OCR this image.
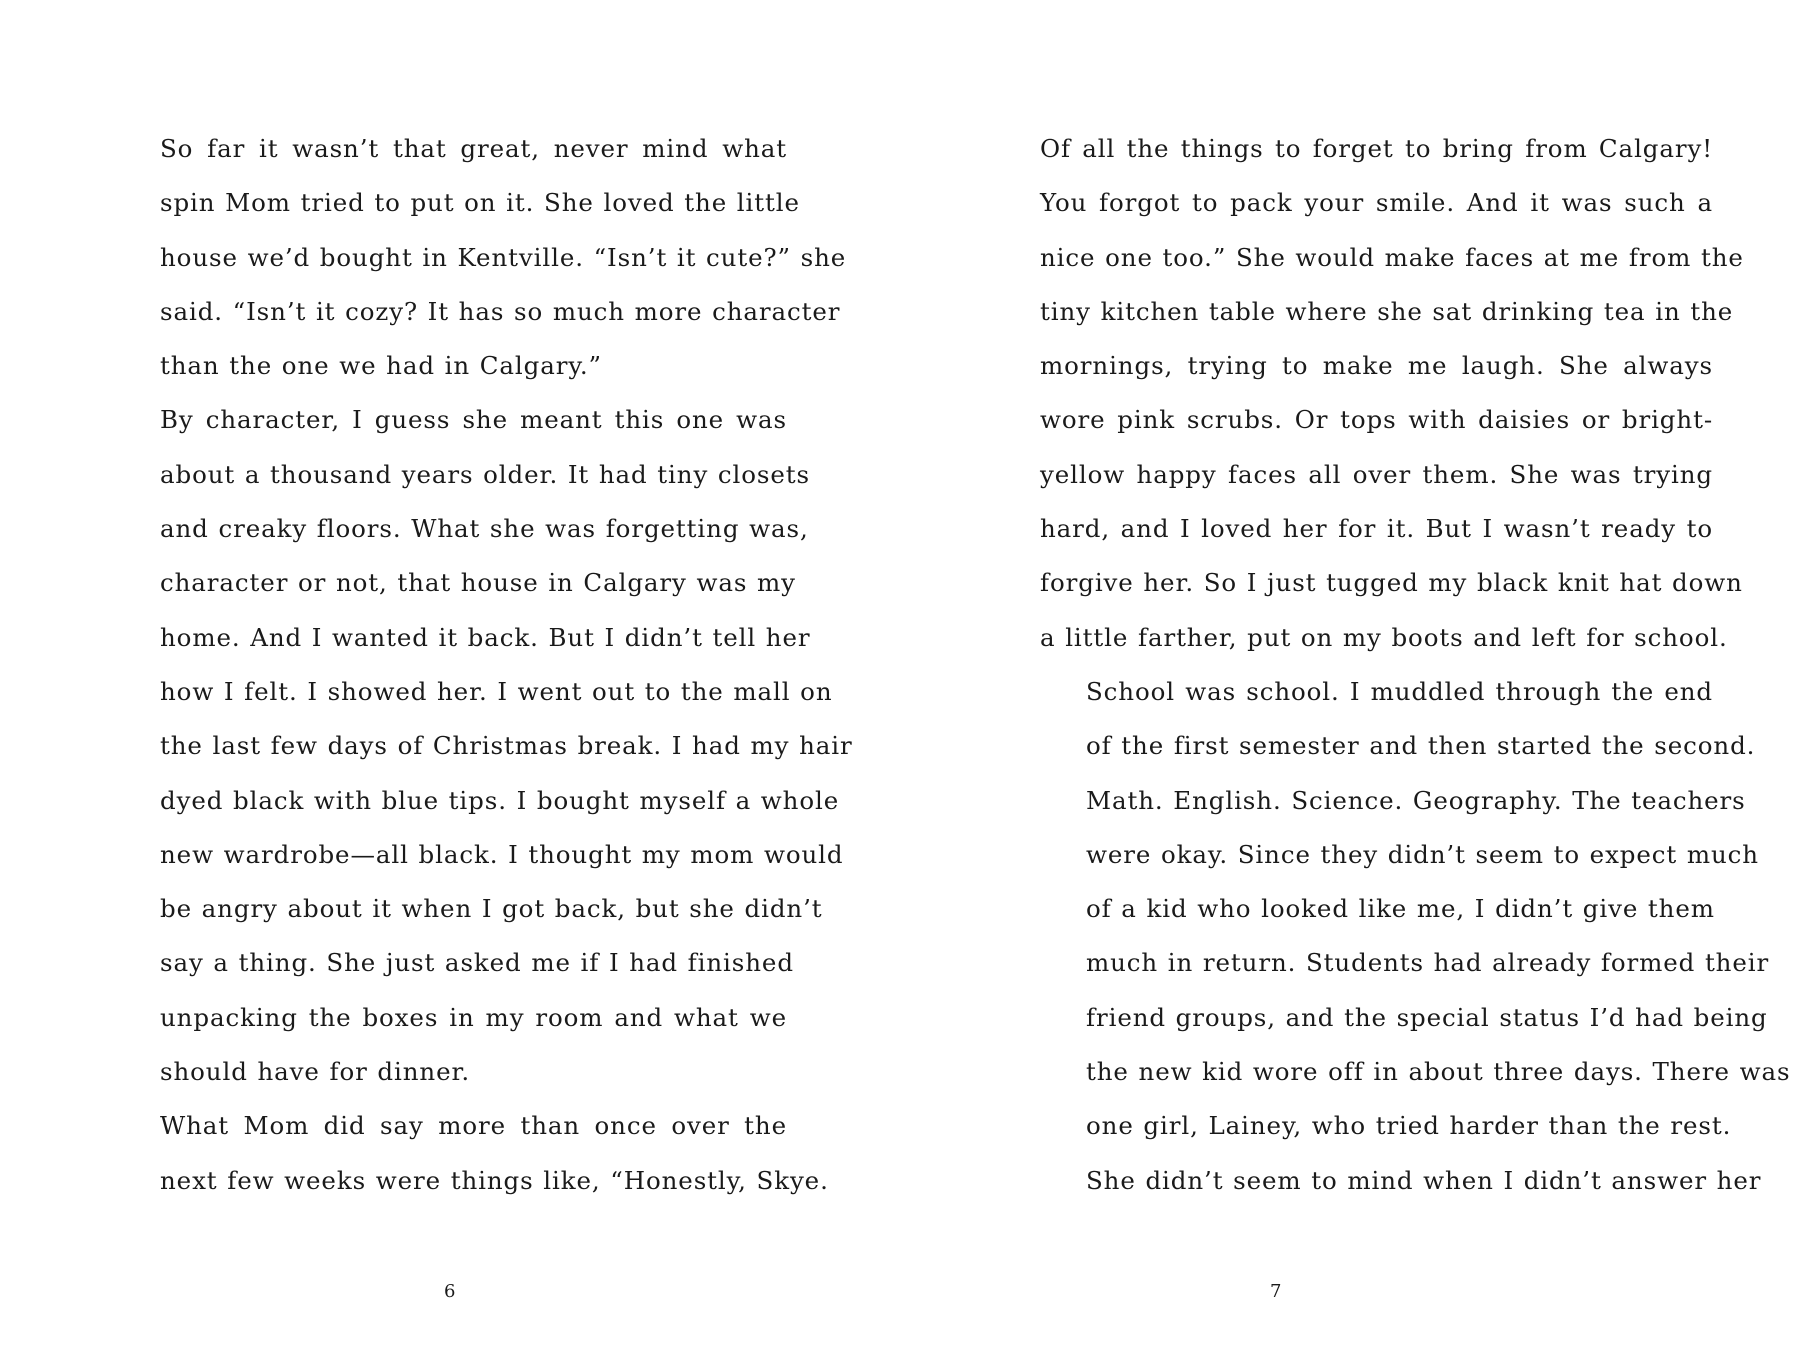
So far it wasn’t that great, never mind what
spin Mom tried to put on it. She loved the little
house we’d bought in Kentville. “Isn’t it cute?” she
said. “Isn’t it cozy? It has so much more character
than the one we had in Calgary.”

By character, I guess she meant this one was
about a thousand years older. It had tiny closets
and creaky floors. What she was forgetting was,
character or not, that house in Calgary was my
home. And I wanted it back. But I didn’t tell her
how I felt. I showed her. I went out to the mall on
the last few days of Christmas break. I had my hair
dyed black with blue tips. I bought myself a whole
new wardrobe—all black. I thought my mom would
be angry about it when I got back, but she didn’t
say a thing. She just asked me if I had finished
unpacking the boxes in my room and what we
should have for dinner.

What Mom did say more than once over the
next few weeks were things like, “Honestly, Skye.

6

Of all the things to forget to bring from Calgary!
You forgot to pack your smile. And it was such a
nice one too.” She would make faces at me from the
tiny kitchen table where she sat drinking tea in the
mornings, trying to make me laugh. She always
wore pink scrubs. Or tops with daisies or bright-
yellow happy faces all over them. She was trying
hard, and I loved her for it. But I wasn’t ready to
forgive her. So I just tugged my black knit hat down
a little farther, put on my boots and left for school.

School was school. I muddled through the end
of the first semester and then started the second.
Math. English. Science. Geography. The teachers
were okay. Since they didn’t seem to expect much
of a kid who looked like me, I didn’t give them
much in return. Students had already formed their
friend groups, and the special status I’d had being
the new kid wore off in about three days. There was
one girl, Lainey, who tried harder than the rest.
She didn’t seem to mind when I didn’t answer her

7
